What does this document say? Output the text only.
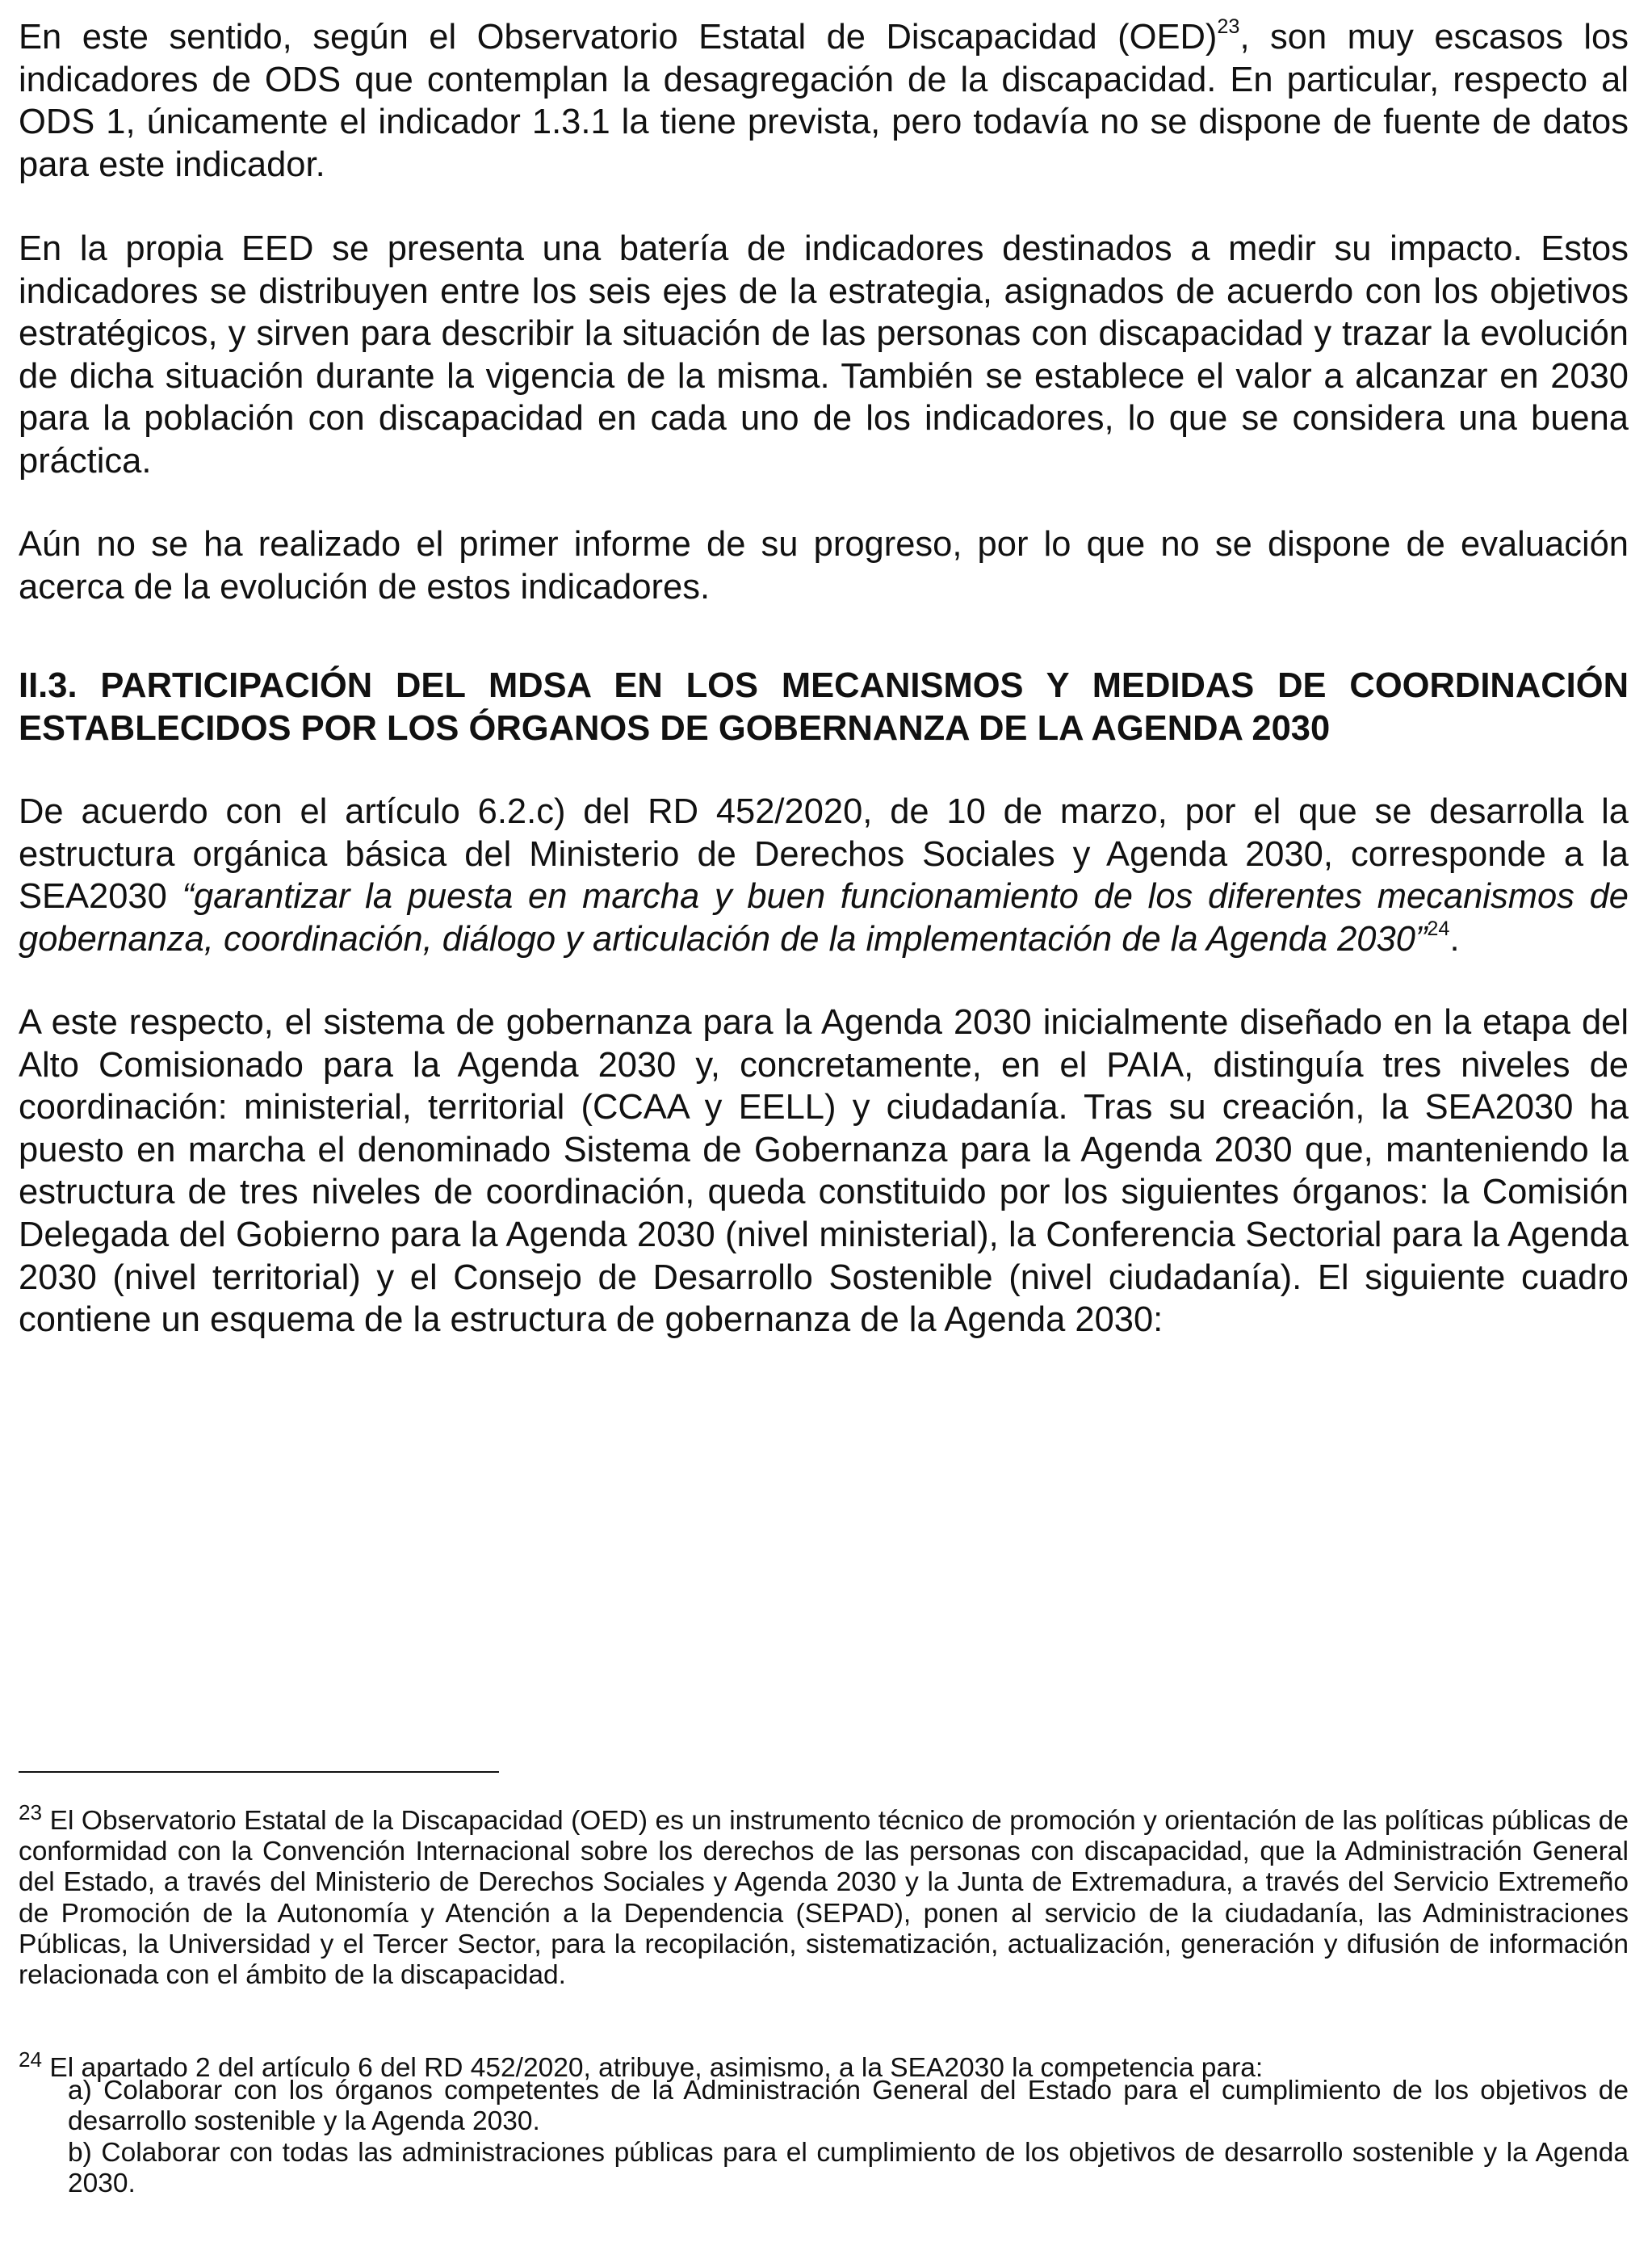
En este sentido, según el Observatorio Estatal de Discapacidad (OED)$^{23}$, son muy escasos los indicadores de ODS que contemplan la desagregación de la discapacidad. En particular, respecto al ODS 1, únicamente el indicador 1.3.1 la tiene prevista, pero todavía no se dispone de fuente de datos para este indicador.

En la propia EED se presenta una batería de indicadores destinados a medir su impacto. Estos indicadores se distribuyen entre los seis ejes de la estrategia, asignados de acuerdo con los objetivos estratégicos, y sirven para describir la situación de las personas con discapacidad y trazar la evolución de dicha situación durante la vigencia de la misma. También se establece el valor a alcanzar en 2030 para la población con discapacidad en cada uno de los indicadores, lo que se considera una buena práctica.

Aún no se ha realizado el primer informe de su progreso, por lo que no se dispone de evaluación acerca de la evolución de estos indicadores.

II.3. PARTICIPACIÓN DEL MDSA EN LOS MECANISMOS Y MEDIDAS DE COORDINACIÓN
ESTABLECIDOS POR LOS ÓRGANOS DE GOBERNANZA DE LA AGENDA 2030

De acuerdo con el artículo 6.2.c) del RD 452/2020, de 10 de marzo, por el que se desarrolla la estructura orgánica básica del Ministerio de Derechos Sociales y Agenda 2030, corresponde a la SEA2030 “garantizar la puesta en marcha y buen funcionamiento de los diferentes mecanismos de gobernanza, coordinación, diálogo y articulación de la implementación de la Agenda 2030”$^{24}$.

A este respecto, el sistema de gobernanza para la Agenda 2030 inicialmente diseñado en la etapa del Alto Comisionado para la Agenda 2030 y, concretamente, en el PAIA, distinguía tres niveles de coordinación: ministerial, territorial (CCAA y EELL) y ciudadanía. Tras su creación, la SEA2030 ha puesto en marcha el denominado Sistema de Gobernanza para la Agenda 2030 que, manteniendo la estructura de tres niveles de coordinación, queda constituido por los siguientes órganos: la Comisión Delegada del Gobierno para la Agenda 2030 (nivel ministerial), la Conferencia Sectorial para la Agenda 2030 (nivel territorial) y el Consejo de Desarrollo Sostenible (nivel ciudadanía). El siguiente cuadro contiene un esquema de la estructura de gobernanza de la Agenda 2030:

$^{23}$ El Observatorio Estatal de la Discapacidad (OED) es un instrumento técnico de promoción y orientación de las políticas públicas de conformidad con la Convención Internacional sobre los derechos de las personas con discapacidad, que la Administración General del Estado, a través del Ministerio de Derechos Sociales y Agenda 2030 y la Junta de Extremadura, a través del Servicio Extremeño de Promoción de la Autonomía y Atención a la Dependencia (SEPAD), ponen al servicio de la ciudadanía, las Administraciones Públicas, la Universidad y el Tercer Sector, para la recopilación, sistematización, actualización, generación y difusión de información relacionada con el ámbito de la discapacidad.

$^{24}$ El apartado 2 del artículo 6 del RD 452/2020, atribuye, asimismo, a la SEA2030 la competencia para:

a) Colaborar con los órganos competentes de la Administración General del Estado para el cumplimiento de los objetivos de desarrollo sostenible y la Agenda 2030.

b) Colaborar con todas las administraciones públicas para el cumplimiento de los objetivos de desarrollo sostenible y la Agenda 2030.
